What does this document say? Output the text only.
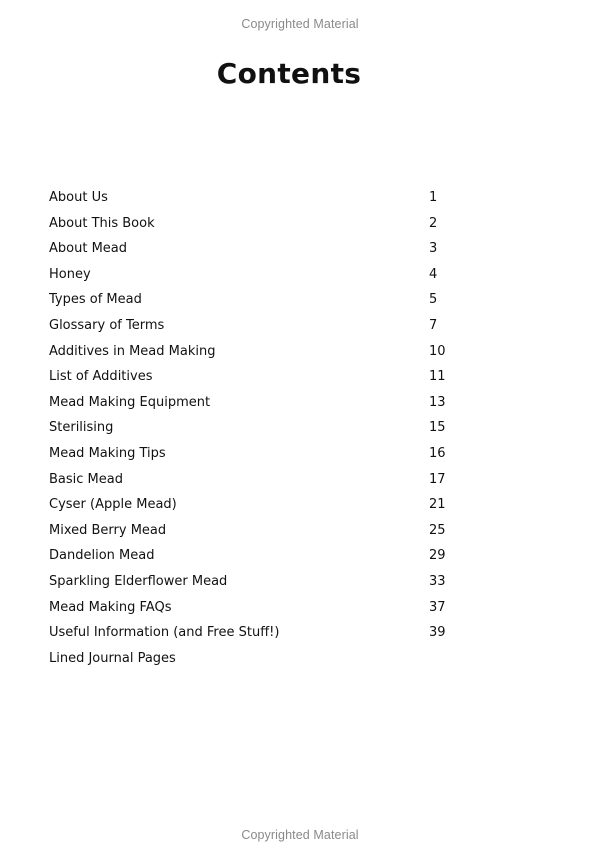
Copyrighted Material
Contents
About Us	1
About This Book	2
About Mead	3
Honey	4
Types of Mead	5
Glossary of Terms	7
Additives in Mead Making	10
List of Additives	11
Mead Making Equipment	13
Sterilising	15
Mead Making Tips	16
Basic Mead	17
Cyser (Apple Mead)	21
Mixed Berry Mead	25
Dandelion Mead	29
Sparkling Elderflower Mead	33
Mead Making FAQs	37
Useful Information (and Free Stuff!)	39
Lined Journal Pages
Copyrighted Material
